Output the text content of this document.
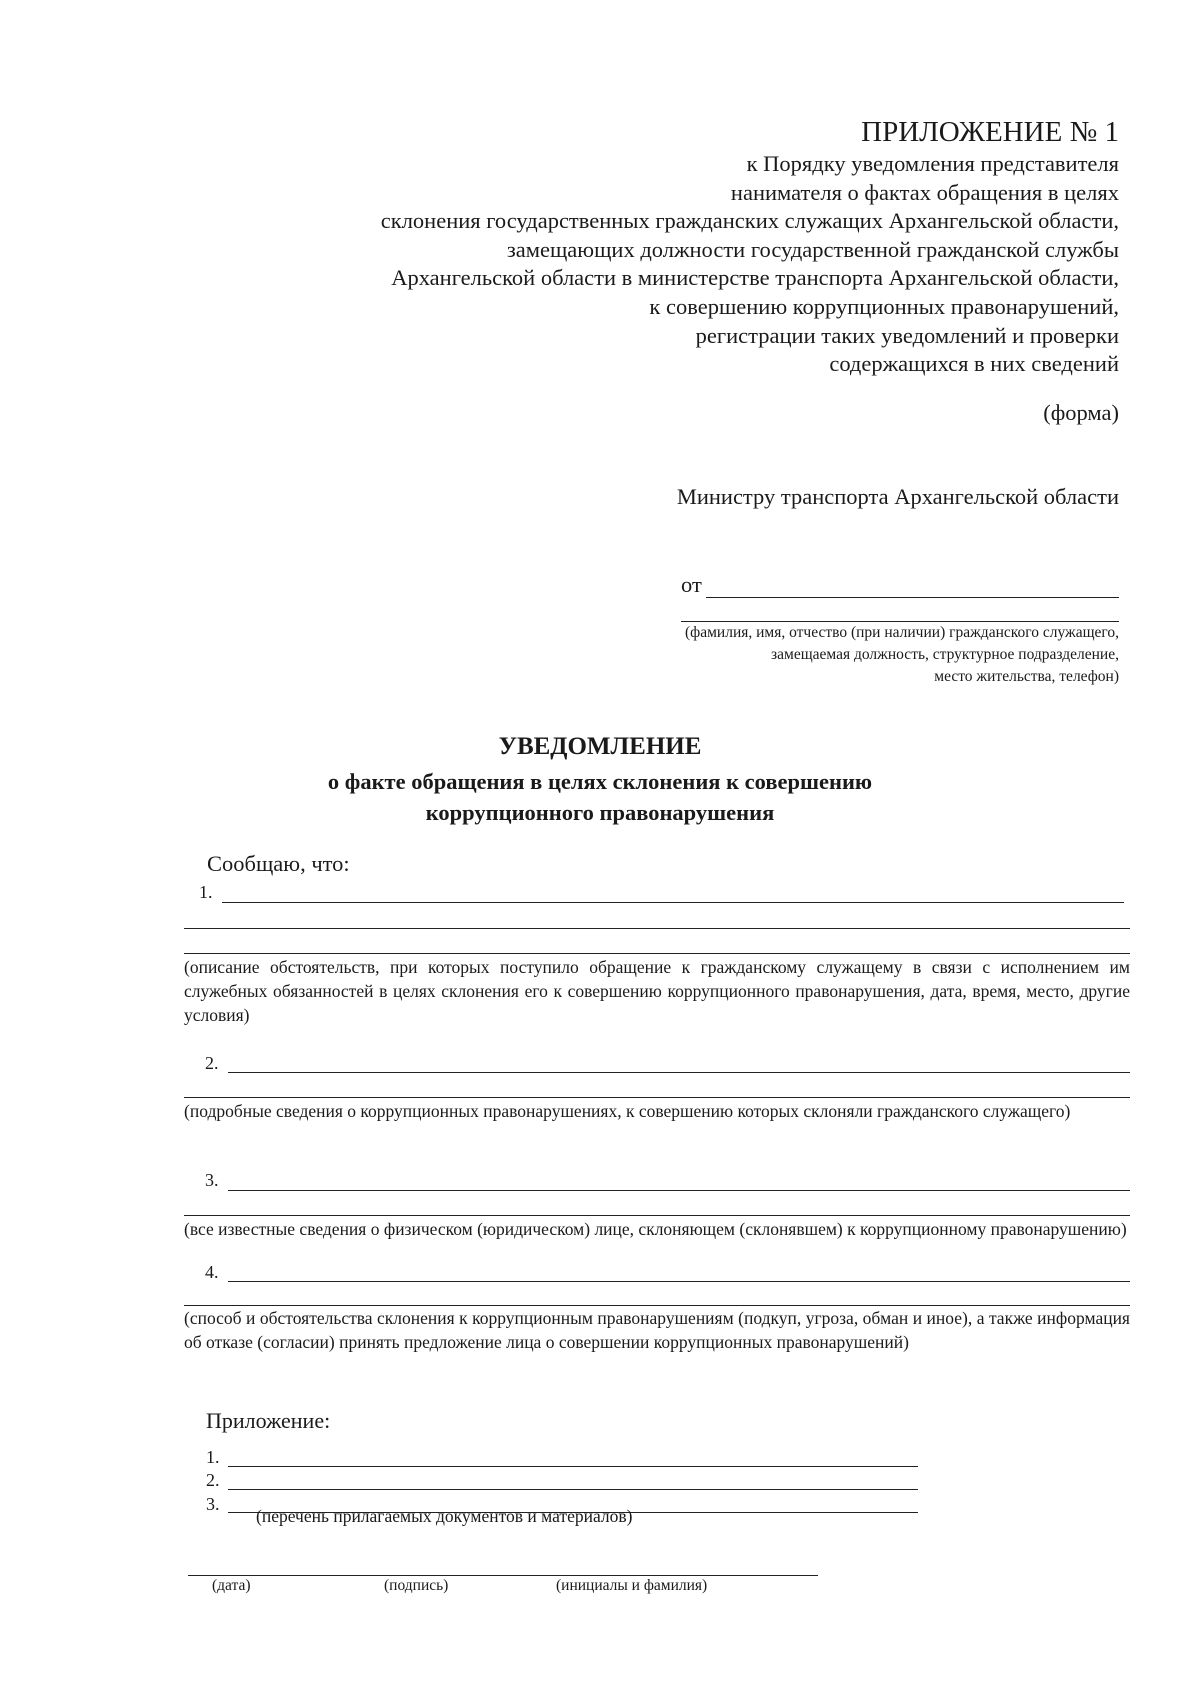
ПРИЛОЖЕНИЕ № 1
к Порядку уведомления представителя
нанимателя о фактах обращения в целях
склонения государственных гражданских служащих Архангельской области,
замещающих должности государственной гражданской службы
Архангельской области в министерстве транспорта Архангельской области,
к совершению коррупционных правонарушений,
регистрации таких уведомлений и проверки
содержащихся в них сведений
(форма)
Министру транспорта Архангельской области
от
(фамилия, имя, отчество (при наличии) гражданского служащего,
замещаемая должность, структурное подразделение,
место жительства, телефон)
УВЕДОМЛЕНИЕ
о факте обращения в целях склонения к совершению
коррупционного правонарушения
Сообщаю, что:
1.
(описание обстоятельств, при которых поступило обращение к гражданскому служащему в связи с исполнением им служебных обязанностей в целях склонения его к совершению коррупционного правонарушения, дата, время, место, другие условия)
2.
(подробные сведения о коррупционных правонарушениях, к совершению которых склоняли гражданского служащего)
3.
(все известные сведения о физическом (юридическом) лице, склоняющем (склонявшем) к коррупционному правонарушению)
4.
(способ и обстоятельства склонения к коррупционным правонарушениям (подкуп, угроза, обман и иное), а также информация об отказе (согласии) принять предложение лица о совершении коррупционных правонарушений)
Приложение:
1.
2.
3.
(перечень прилагаемых документов и материалов)
(дата)	(подпись)	(инициалы и фамилия)
